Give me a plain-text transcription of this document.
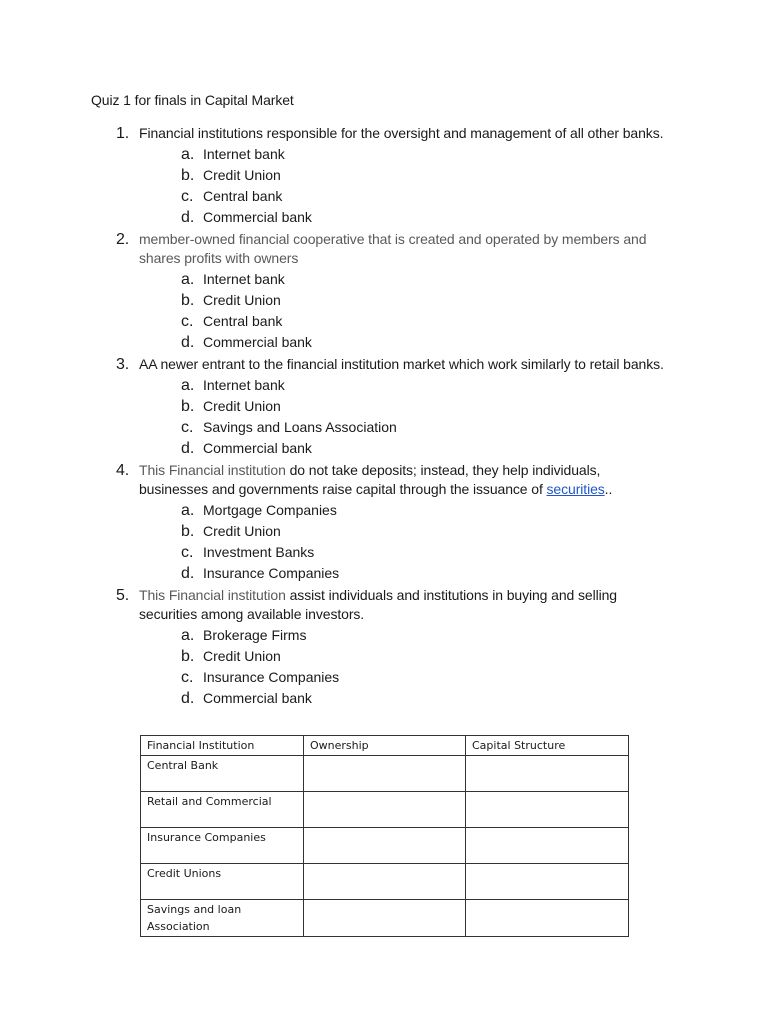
Quiz 1 for finals in Capital Market
1. Financial institutions responsible for the oversight and management of all other banks.
a. Internet bank
b. Credit Union
c. Central bank
d. Commercial bank
2. member-owned financial cooperative that is created and operated by members and shares profits with owners
a. Internet bank
b. Credit Union
c. Central bank
d. Commercial bank
3. AA newer entrant to the financial institution market which work similarly to retail banks.
a. Internet bank
b. Credit Union
c. Savings and Loans Association
d. Commercial bank
4. This Financial institution do not take deposits; instead, they help individuals, businesses and governments raise capital through the issuance of securities..
a. Mortgage Companies
b. Credit Union
c. Investment Banks
d. Insurance Companies
5. This Financial institution assist individuals and institutions in buying and selling securities among available investors.
a. Brokerage Firms
b. Credit Union
c. Insurance Companies
d. Commercial bank
Financial Institution	Ownership	Capital Structure
Central Bank		
Retail and Commercial		
Insurance Companies		
Credit Unions		
Savings and loan Association		
